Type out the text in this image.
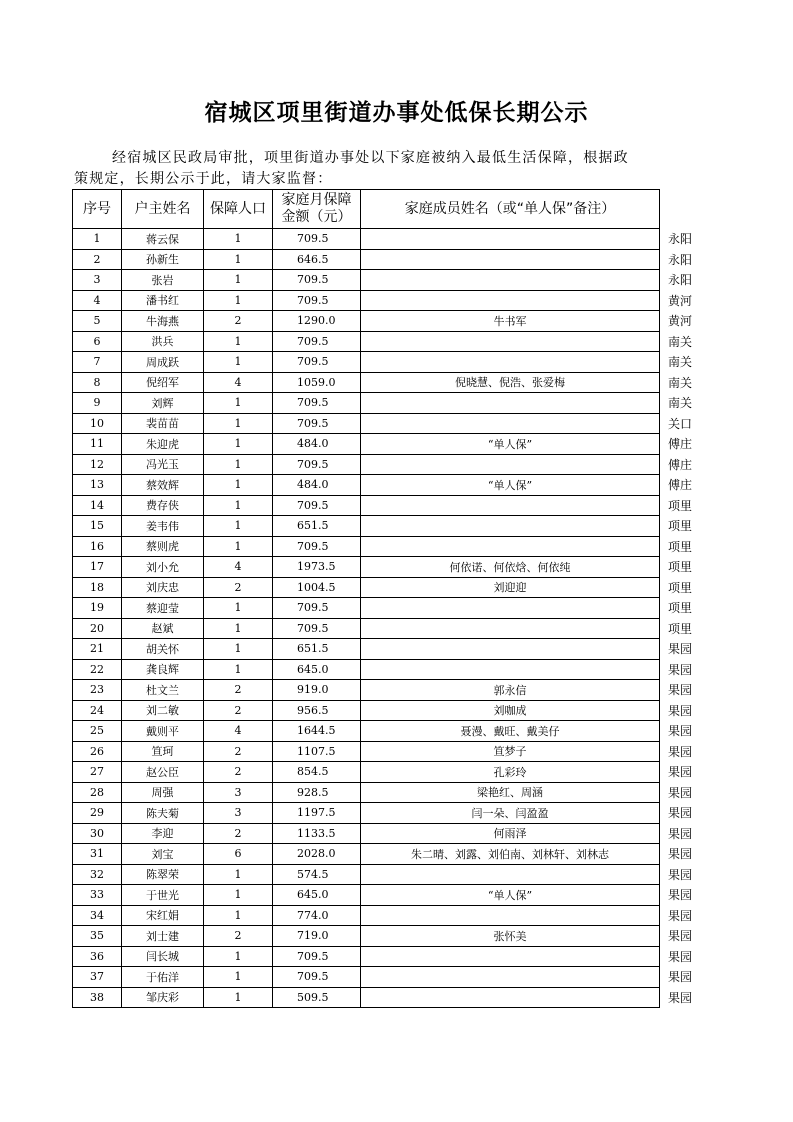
宿城区项里街道办事处低保长期公示
经宿城区民政局审批，项里街道办事处以下家庭被纳入最低生活保障，根据政
策规定，长期公示于此，请大家监督：
序号	户主姓名	保障人口	家庭月保障金额（元）	家庭成员姓名（或“单人保”备注）	
1	蒋云保	1	709.5		永阳
2	孙新生	1	646.5		永阳
3	张岩	1	709.5		永阳
4	潘书红	1	709.5		黄河
5	牛海燕	2	1290.0	牛书军	黄河
6	洪兵	1	709.5		南关
7	周成跃	1	709.5		南关
8	倪绍军	4	1059.0	倪晓慧、倪浩、张爱梅	南关
9	刘辉	1	709.5		南关
10	裴苗苗	1	709.5		关口
11	朱迎虎	1	484.0	“单人保”	傅庄
12	冯光玉	1	709.5		傅庄
13	蔡效辉	1	484.0	“单人保”	傅庄
14	费存侠	1	709.5		项里
15	姜韦伟	1	651.5		项里
16	蔡则虎	1	709.5		项里
17	刘小允	4	1973.5	何依诺、何依焓、何依纯	项里
18	刘庆忠	2	1004.5	刘迎迎	项里
19	蔡迎莹	1	709.5		项里
20	赵斌	1	709.5		项里
21	胡关怀	1	651.5		果园
22	龚良辉	1	645.0		果园
23	杜文兰	2	919.0	郭永信	果园
24	刘二敏	2	956.5	刘咖成	果园
25	戴则平	4	1644.5	聂漫、戴旺、戴美仔	果园
26	笪珂	2	1107.5	笪梦子	果园
27	赵公臣	2	854.5	孔彩玲	果园
28	周强	3	928.5	梁艳红、周涵	果园
29	陈夫菊	3	1197.5	闫一朵、闫盈盈	果园
30	李迎	2	1133.5	何雨泽	果园
31	刘宝	6	2028.0	朱二晴、刘露、刘伯南、刘林轩、刘林志	果园
32	陈翠荣	1	574.5		果园
33	于世光	1	645.0	“单人保”	果园
34	宋红娟	1	774.0		果园
35	刘士建	2	719.0	张怀美	果园
36	闫长城	1	709.5		果园
37	于佑洋	1	709.5		果园
38	邹庆彩	1	509.5		果园
